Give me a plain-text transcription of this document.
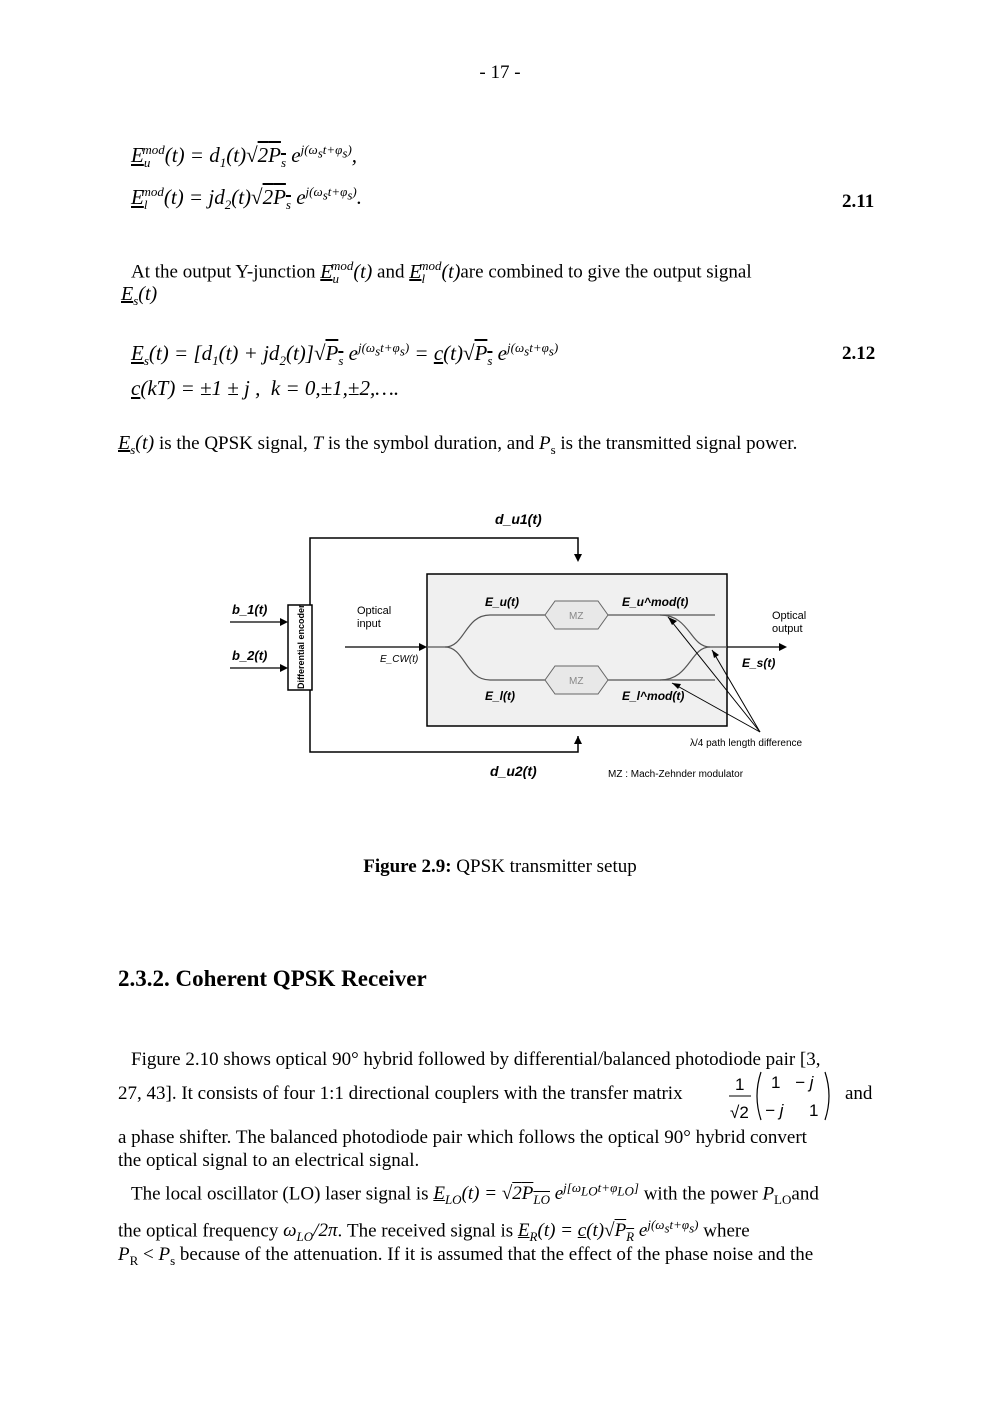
- 17 -
$E_u^{mod}(t) = d_1(t)√2P_s$ $e^{j(\omega_st+\varphi_s)}$,
$E_l^{mod}(t) = jd_2(t)√2P_s$ $e^{j(\omega_st+\varphi_s)}$.	2.11
At the output Y-junction $E_u^{mod}(t)$ and $E_l^{mod}(t)are$ combined to give the output signal
$E_s(t)$
$E_s(t) = [d_1(t) + jd_2(t)]√P_s$ $e^{j(\omega_st+\varphi_s)} = c(t)√P_s$ $e^{j(\omega_st+\varphi_s)}$	2.12
c(kT) = ±1 ± j ,  k = 0,±1,±2,….
$E_s(t)$ is the QPSK signal, T is the symbol duration, and $P_s$ is the transmitted signal power.
Differential encoder
b_1(t)
b_2(t)
Optical
input
E_CW(t)
MZ
MZ
E_u(t)
E_l(t)
E_u^mod(t)
E_l^mod(t)
Optical
output
E_s(t)
λ/4 path length difference
d_u1(t)
d_u2(t)	MZ : Mach-Zehnder modulator
Figure 2.9: QPSK transmitter setup
2.3.2. Coherent QPSK Receiver
Figure 2.10 shows optical 90° hybrid followed by differential/balanced photodiode pair [3,
27, 43]. It consists of four 1:1 directional couplers with the transfer matrix	1
√2
1 − j
− j 1
and
a phase shifter. The balanced photodiode pair which follows the optical 90° hybrid convert
the optical signal to an electrical signal.
The local oscillator (LO) laser signal is $E_{LO}(t) = √2P_{LO}$ $e^{j[\omega_{LO}t+\varphi_{LO}]}$ with the power $P_{LO}and$
the optical frequency $\omega_{LO}/2\pi$. The received signal is $E_R(t) = c(t)√P_R$ $e^{j(\omega_st+\varphi_s)}$ where
$P_R < P_s$ because of the attenuation. If it is assumed that the effect of the phase noise and the
